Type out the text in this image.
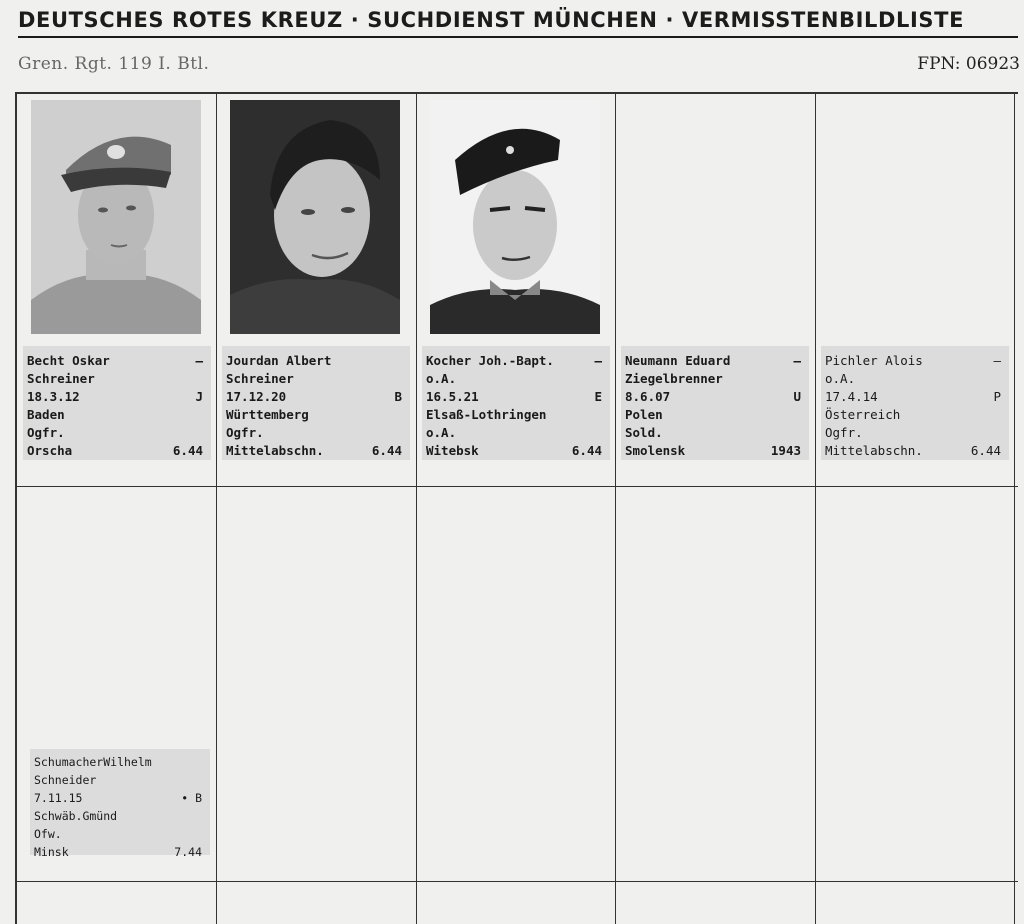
DEUTSCHES ROTES KREUZ · SUCHDIENST MÜNCHEN · VERMISSTENBILDLISTE
Gren. Rgt. 119 I. Btl.	FPN: 06923
Becht Oskar	–
Schreiner
18.3.12	J
Baden
Ogfr.
Orscha	6.44
Jourdan Albert
Schreiner
17.12.20	B
Württemberg
Ogfr.
Mittelabschn.	6.44
Kocher Joh.-Bapt.	–
o.A.
16.5.21	E
Elsaß-Lothringen
o.A.
Witebsk	6.44
Neumann Eduard	–
Ziegelbrenner
8.6.07	U
Polen
Sold.
Smolensk	1943
Pichler Alois	–
o.A.
17.4.14	P
Österreich
Ogfr.
Mittelabschn.	6.44
SchumacherWilhelm
Schneider
7.11.15	• B
Schwäb.Gmünd
Ofw.
Minsk	7.44
